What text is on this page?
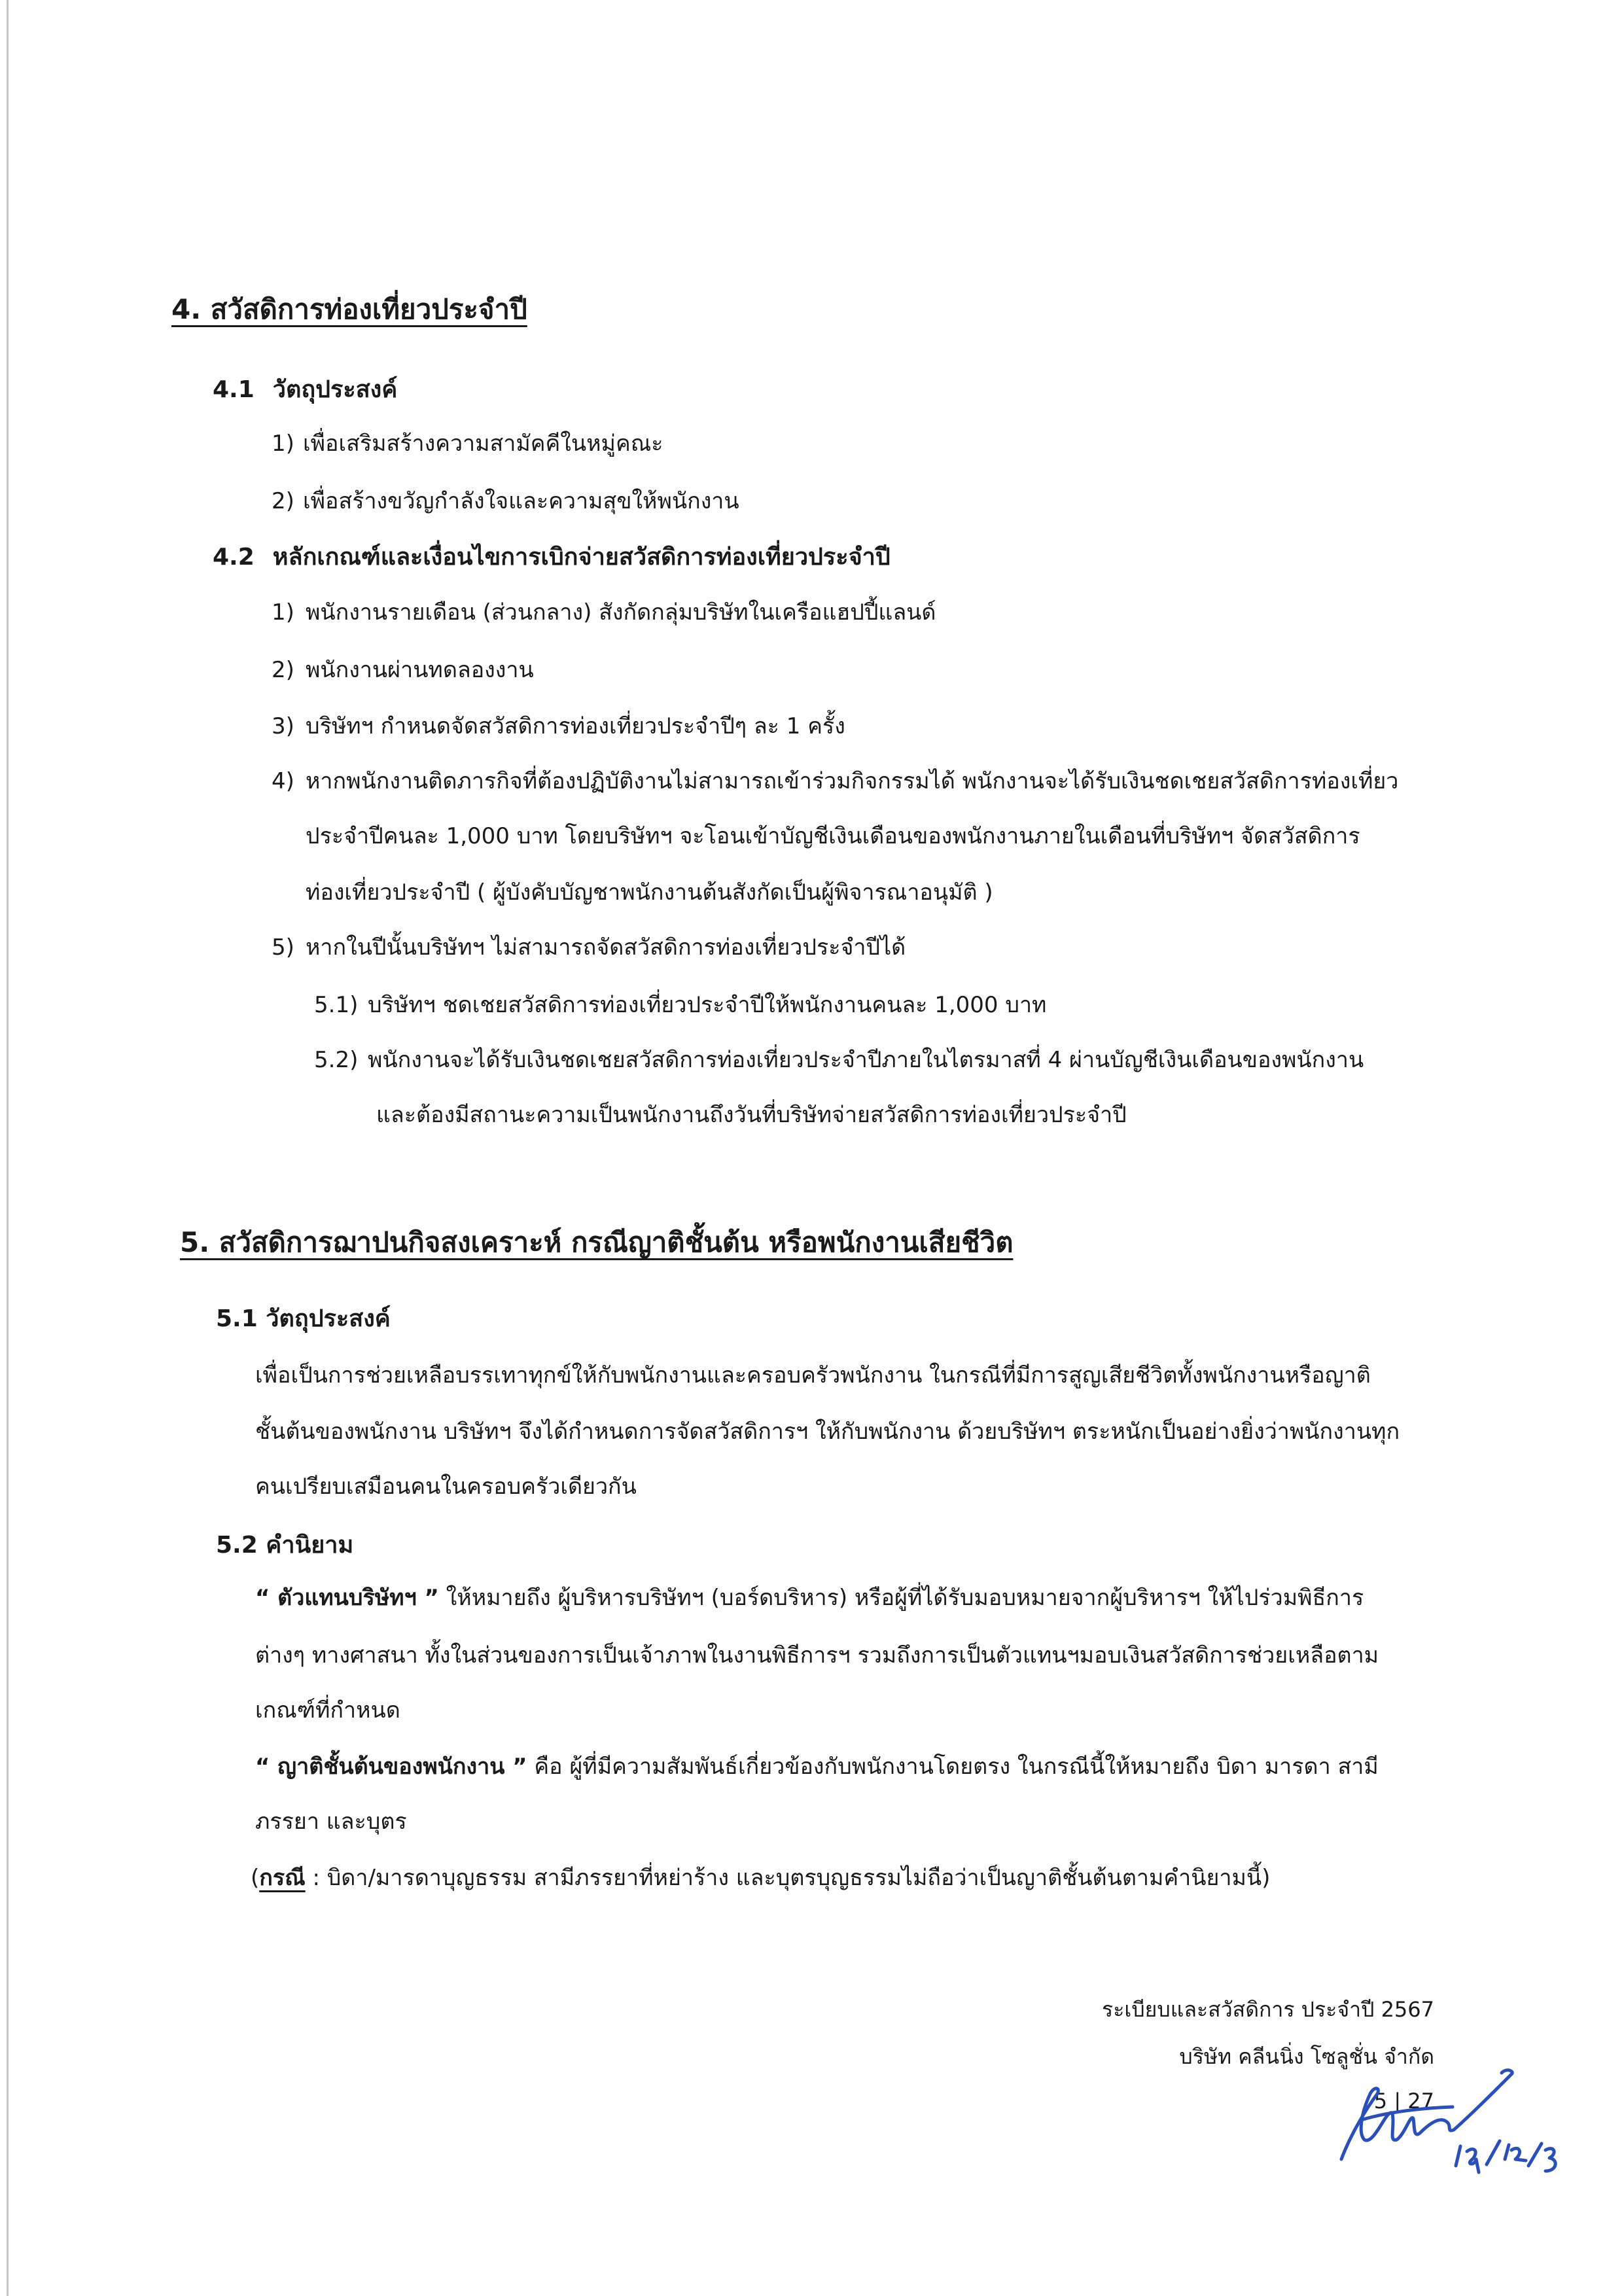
4. สวัสดิการท่องเที่ยวประจำปี
4.1 วัตถุประสงค์
1) เพื่อเสริมสร้างความสามัคคีในหมู่คณะ
2) เพื่อสร้างขวัญกำลังใจและความสุขให้พนักงาน
4.2 หลักเกณฑ์และเงื่อนไขการเบิกจ่ายสวัสดิการท่องเที่ยวประจำปี
1) พนักงานรายเดือน (ส่วนกลาง) สังกัดกลุ่มบริษัทในเครือแฮปปี้แลนด์
2) พนักงานผ่านทดลองงาน
3) บริษัทฯ กำหนดจัดสวัสดิการท่องเที่ยวประจำปีๆ ละ 1 ครั้ง
4) หากพนักงานติดภารกิจที่ต้องปฏิบัติงานไม่สามารถเข้าร่วมกิจกรรมได้ พนักงานจะได้รับเงินชดเชยสวัสดิการท่องเที่ยว
ประจำปีคนละ 1,000 บาท โดยบริษัทฯ จะโอนเข้าบัญชีเงินเดือนของพนักงานภายในเดือนที่บริษัทฯ จัดสวัสดิการ
ท่องเที่ยวประจำปี ( ผู้บังคับบัญชาพนักงานต้นสังกัดเป็นผู้พิจารณาอนุมัติ )
5) หากในปีนั้นบริษัทฯ ไม่สามารถจัดสวัสดิการท่องเที่ยวประจำปีได้
5.1) บริษัทฯ ชดเชยสวัสดิการท่องเที่ยวประจำปีให้พนักงานคนละ 1,000 บาท
5.2) พนักงานจะได้รับเงินชดเชยสวัสดิการท่องเที่ยวประจำปีภายในไตรมาสที่ 4 ผ่านบัญชีเงินเดือนของพนักงาน
และต้องมีสถานะความเป็นพนักงานถึงวันที่บริษัทจ่ายสวัสดิการท่องเที่ยวประจำปี
5. สวัสดิการฌาปนกิจสงเคราะห์ กรณีญาติชั้นต้น หรือพนักงานเสียชีวิต
5.1 วัตถุประสงค์
เพื่อเป็นการช่วยเหลือบรรเทาทุกข์ให้กับพนักงานและครอบครัวพนักงาน ในกรณีที่มีการสูญเสียชีวิตทั้งพนักงานหรือญาติ
ชั้นต้นของพนักงาน บริษัทฯ จึงได้กำหนดการจัดสวัสดิการฯ ให้กับพนักงาน ด้วยบริษัทฯ ตระหนักเป็นอย่างยิ่งว่าพนักงานทุก
คนเปรียบเสมือนคนในครอบครัวเดียวกัน
5.2 คำนิยาม
“ ตัวแทนบริษัทฯ ” ให้หมายถึง ผู้บริหารบริษัทฯ (บอร์ดบริหาร) หรือผู้ที่ได้รับมอบหมายจากผู้บริหารฯ ให้ไปร่วมพิธีการ
ต่างๆ ทางศาสนา ทั้งในส่วนของการเป็นเจ้าภาพในงานพิธีการฯ รวมถึงการเป็นตัวแทนฯมอบเงินสวัสดิการช่วยเหลือตาม
เกณฑ์ที่กำหนด
“ ญาติชั้นต้นของพนักงาน ” คือ ผู้ที่มีความสัมพันธ์เกี่ยวข้องกับพนักงานโดยตรง ในกรณีนี้ให้หมายถึง บิดา มารดา สามี
ภรรยา และบุตร
(กรณี : บิดา/มารดาบุญธรรม สามีภรรยาที่หย่าร้าง และบุตรบุญธรรมไม่ถือว่าเป็นญาติชั้นต้นตามคำนิยามนี้)
ระเบียบและสวัสดิการ ประจำปี 2567
บริษัท คลีนนิ่ง โซลูชั่น จำกัด
5 | 27
